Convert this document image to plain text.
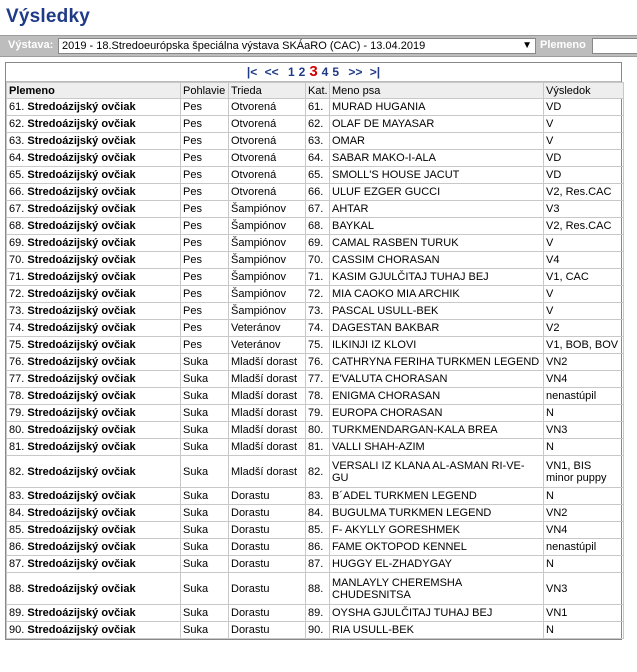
Výsledky
Výstava: 2019 - 18.Stredoeurópska špeciálna výstava SKÁaRO (CAC) - 13.04.2019	▼ Plemeno
|< << 1 2 3 4 5 >> >|
Plemeno	Pohlavie	Trieda	Kat.	Meno psa	Výsledok
61. Stredoázijský ovčiak	Pes	Otvorená	61.	MURAD HUGANIA	VD
62. Stredoázijský ovčiak	Pes	Otvorená	62.	OLAF DE MAYASAR	V
63. Stredoázijský ovčiak	Pes	Otvorená	63.	OMAR	V
64. Stredoázijský ovčiak	Pes	Otvorená	64.	SABAR MAKO-I-ALA	VD
65. Stredoázijský ovčiak	Pes	Otvorená	65.	SMOLL'S HOUSE JACUT	VD
66. Stredoázijský ovčiak	Pes	Otvorená	66.	ULUF EZGER GUCCI	V2, Res.CAC
67. Stredoázijský ovčiak	Pes	Šampiónov	67.	AHTAR	V3
68. Stredoázijský ovčiak	Pes	Šampiónov	68.	BAYKAL	V2, Res.CAC
69. Stredoázijský ovčiak	Pes	Šampiónov	69.	CAMAL RASBEN TURUK	V
70. Stredoázijský ovčiak	Pes	Šampiónov	70.	CASSIM CHORASAN	V4
71. Stredoázijský ovčiak	Pes	Šampiónov	71.	KASIM GJULČITAJ TUHAJ BEJ	V1, CAC
72. Stredoázijský ovčiak	Pes	Šampiónov	72.	MIA CAOKO MIA ARCHIK	V
73. Stredoázijský ovčiak	Pes	Šampiónov	73.	PASCAL USULL-BEK	V
74. Stredoázijský ovčiak	Pes	Veteránov	74.	DAGESTAN BAKBAR	V2
75. Stredoázijský ovčiak	Pes	Veteránov	75.	ILKINJI IZ KLOVI	V1, BOB, BOV
76. Stredoázijský ovčiak	Suka	Mladší dorast	76.	CATHRYNA FERIHA TURKMEN LEGEND	VN2
77. Stredoázijský ovčiak	Suka	Mladší dorast	77.	E'VALUTA CHORASAN	VN4
78. Stredoázijský ovčiak	Suka	Mladší dorast	78.	ENIGMA CHORASAN	nenastúpil
79. Stredoázijský ovčiak	Suka	Mladší dorast	79.	EUROPA CHORASAN	N
80. Stredoázijský ovčiak	Suka	Mladší dorast	80.	TURKMENDARGAN-KALA BREA	VN3
81. Stredoázijský ovčiak	Suka	Mladší dorast	81.	VALLI SHAH-AZIM	N
82. Stredoázijský ovčiak	Suka	Mladší dorast	82.	VERSALI IZ KLANA AL-ASMAN RI-VE-GU	VN1, BIS minor puppy
83. Stredoázijský ovčiak	Suka	Dorastu	83.	B´ADEL TURKMEN LEGEND	N
84. Stredoázijský ovčiak	Suka	Dorastu	84.	BUGULMA TURKMEN LEGEND	VN2
85. Stredoázijský ovčiak	Suka	Dorastu	85.	F- AKYLLY GORESHMEK	VN4
86. Stredoázijský ovčiak	Suka	Dorastu	86.	FAME OKTOPOD KENNEL	nenastúpil
87. Stredoázijský ovčiak	Suka	Dorastu	87.	HUGGY EL-ZHADYGAY	N
88. Stredoázijský ovčiak	Suka	Dorastu	88.	MANLAYLY CHEREMSHA CHUDESNITSA	VN3
89. Stredoázijský ovčiak	Suka	Dorastu	89.	OYSHA GJULČITAJ TUHAJ BEJ	VN1
90. Stredoázijský ovčiak	Suka	Dorastu	90.	RIA USULL-BEK	N
